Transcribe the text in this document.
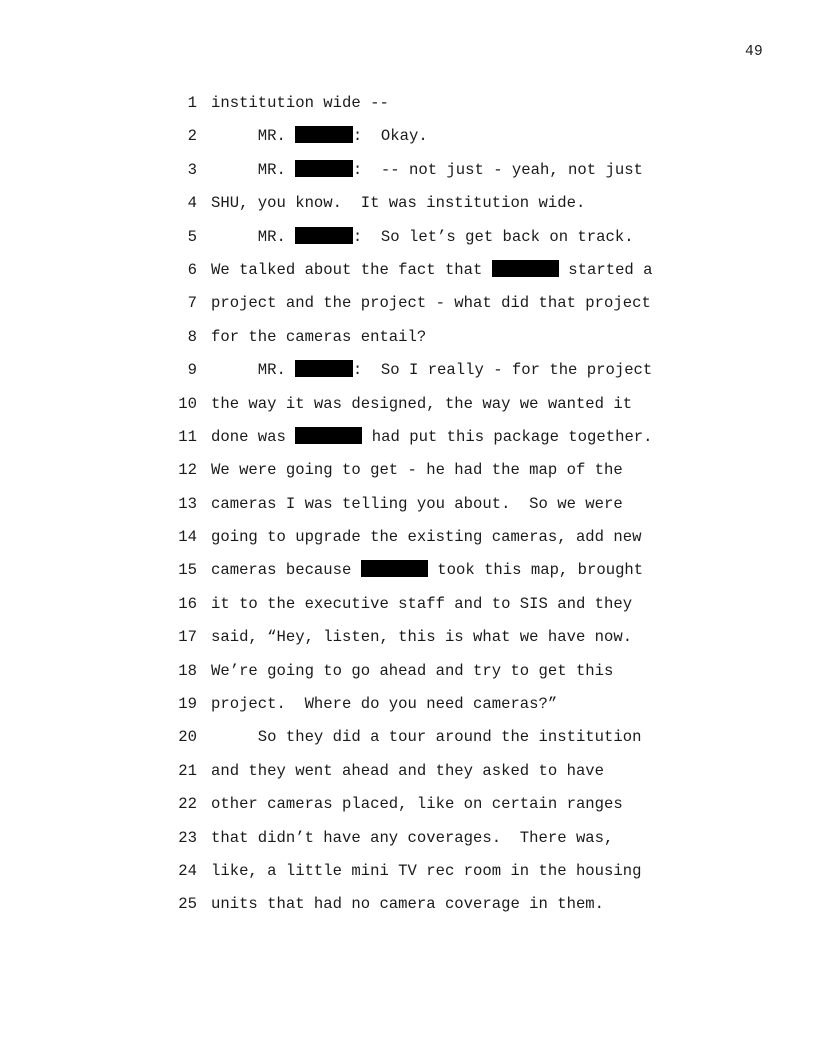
49
1 institution wide --
2 MR.	:  Okay.
3 MR.	:  -- not just - yeah, not just
4 SHU, you know.  It was institution wide.
5 MR.	:  So let’s get back on track.
6 We talked about the fact that	started a
7 project and the project - what did that project
8 for the cameras entail?
9 MR.	:  So I really - for the project
10 the way it was designed, the way we wanted it
11 done was	had put this package together.
12 We were going to get - he had the map of the
13 cameras I was telling you about.  So we were
14 going to upgrade the existing cameras, add new
15 cameras because	took this map, brought
16 it to the executive staff and to SIS and they
17 said, “Hey, listen, this is what we have now.
18 We’re going to go ahead and try to get this
19 project.  Where do you need cameras?”
20 So they did a tour around the institution
21 and they went ahead and they asked to have
22 other cameras placed, like on certain ranges
23 that didn’t have any coverages.  There was,
24 like, a little mini TV rec room in the housing
25 units that had no camera coverage in them.
